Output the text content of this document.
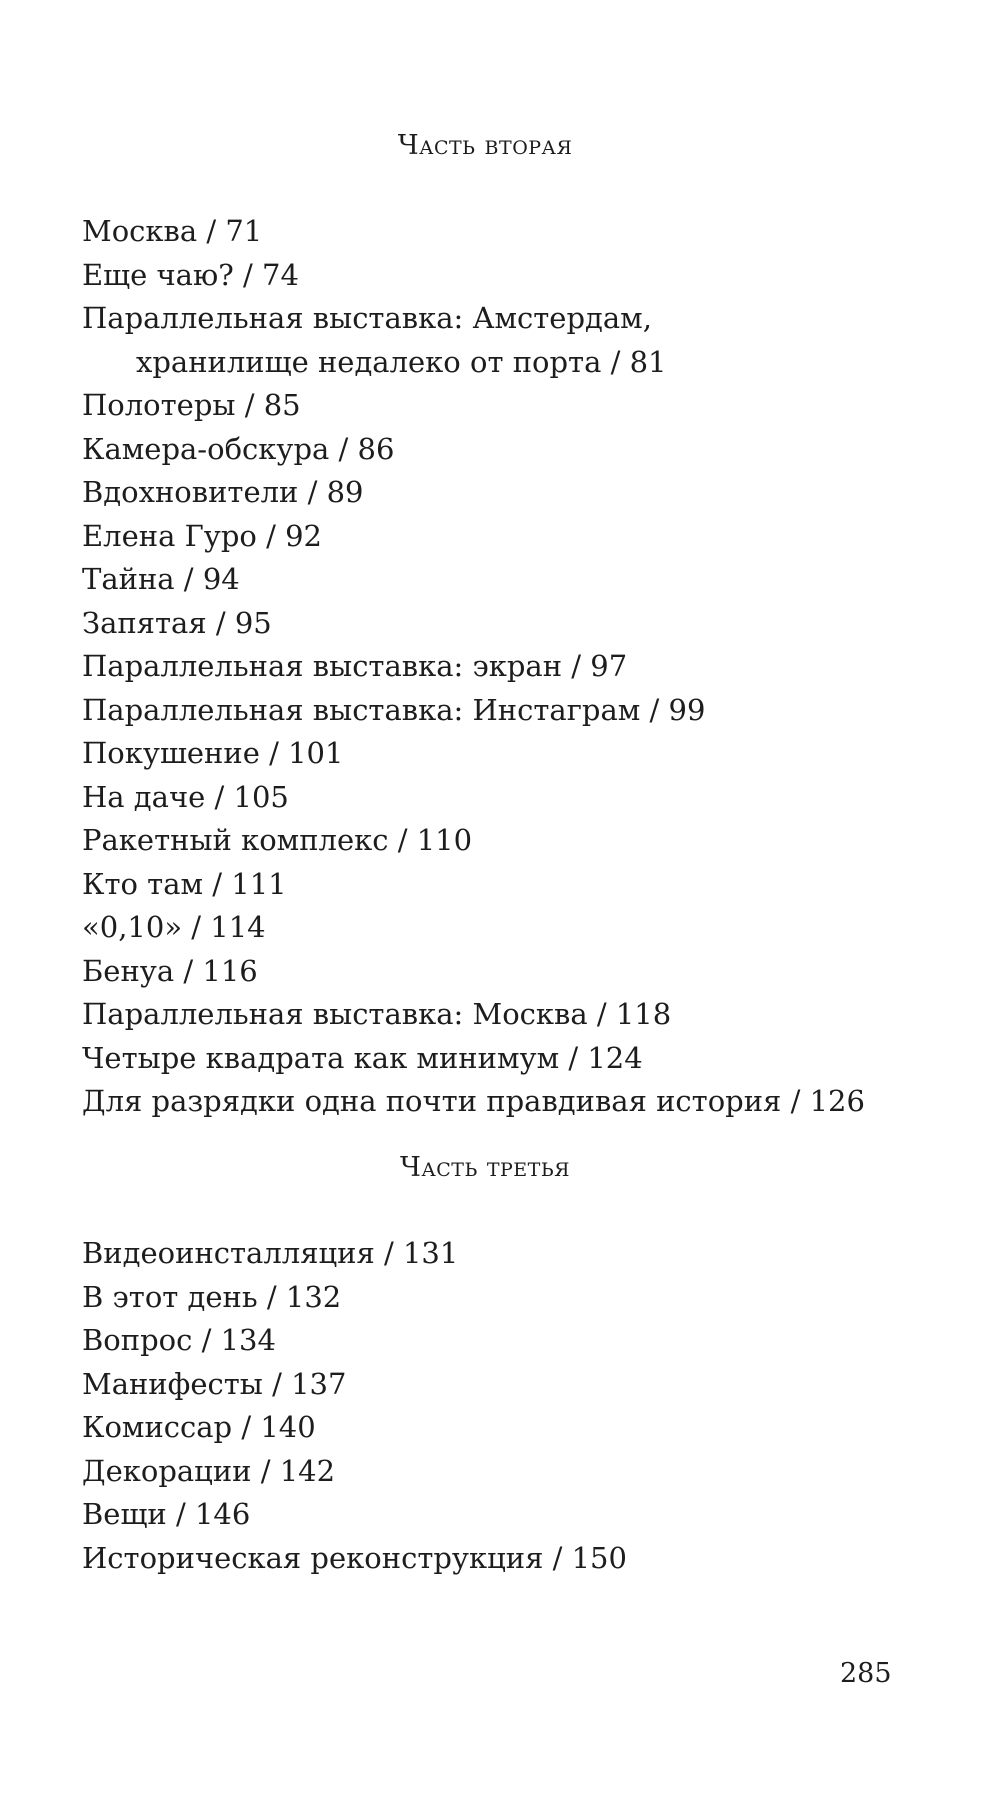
Часть вторая
Москва / 71
Еще чаю? / 74
Параллельная выставка: Амстердам,
хранилище недалеко от порта / 81
Полотеры / 85
Камера-обскура / 86
Вдохновители / 89
Елена Гуро / 92
Тайна / 94
Запятая / 95
Параллельная выставка: экран / 97
Параллельная выставка: Инстаграм / 99
Покушение / 101
На даче / 105
Ракетный комплекс / 110
Кто там / 111
«0,10» / 114
Бенуа / 116
Параллельная выставка: Москва / 118
Четыре квадрата как минимум / 124
Для разрядки одна почти правдивая история / 126
Часть третья
Видеоинсталляция / 131
В этот день / 132
Вопрос / 134
Манифесты / 137
Комиссар / 140
Декорации / 142
Вещи / 146
Историческая реконструкция / 150
285
